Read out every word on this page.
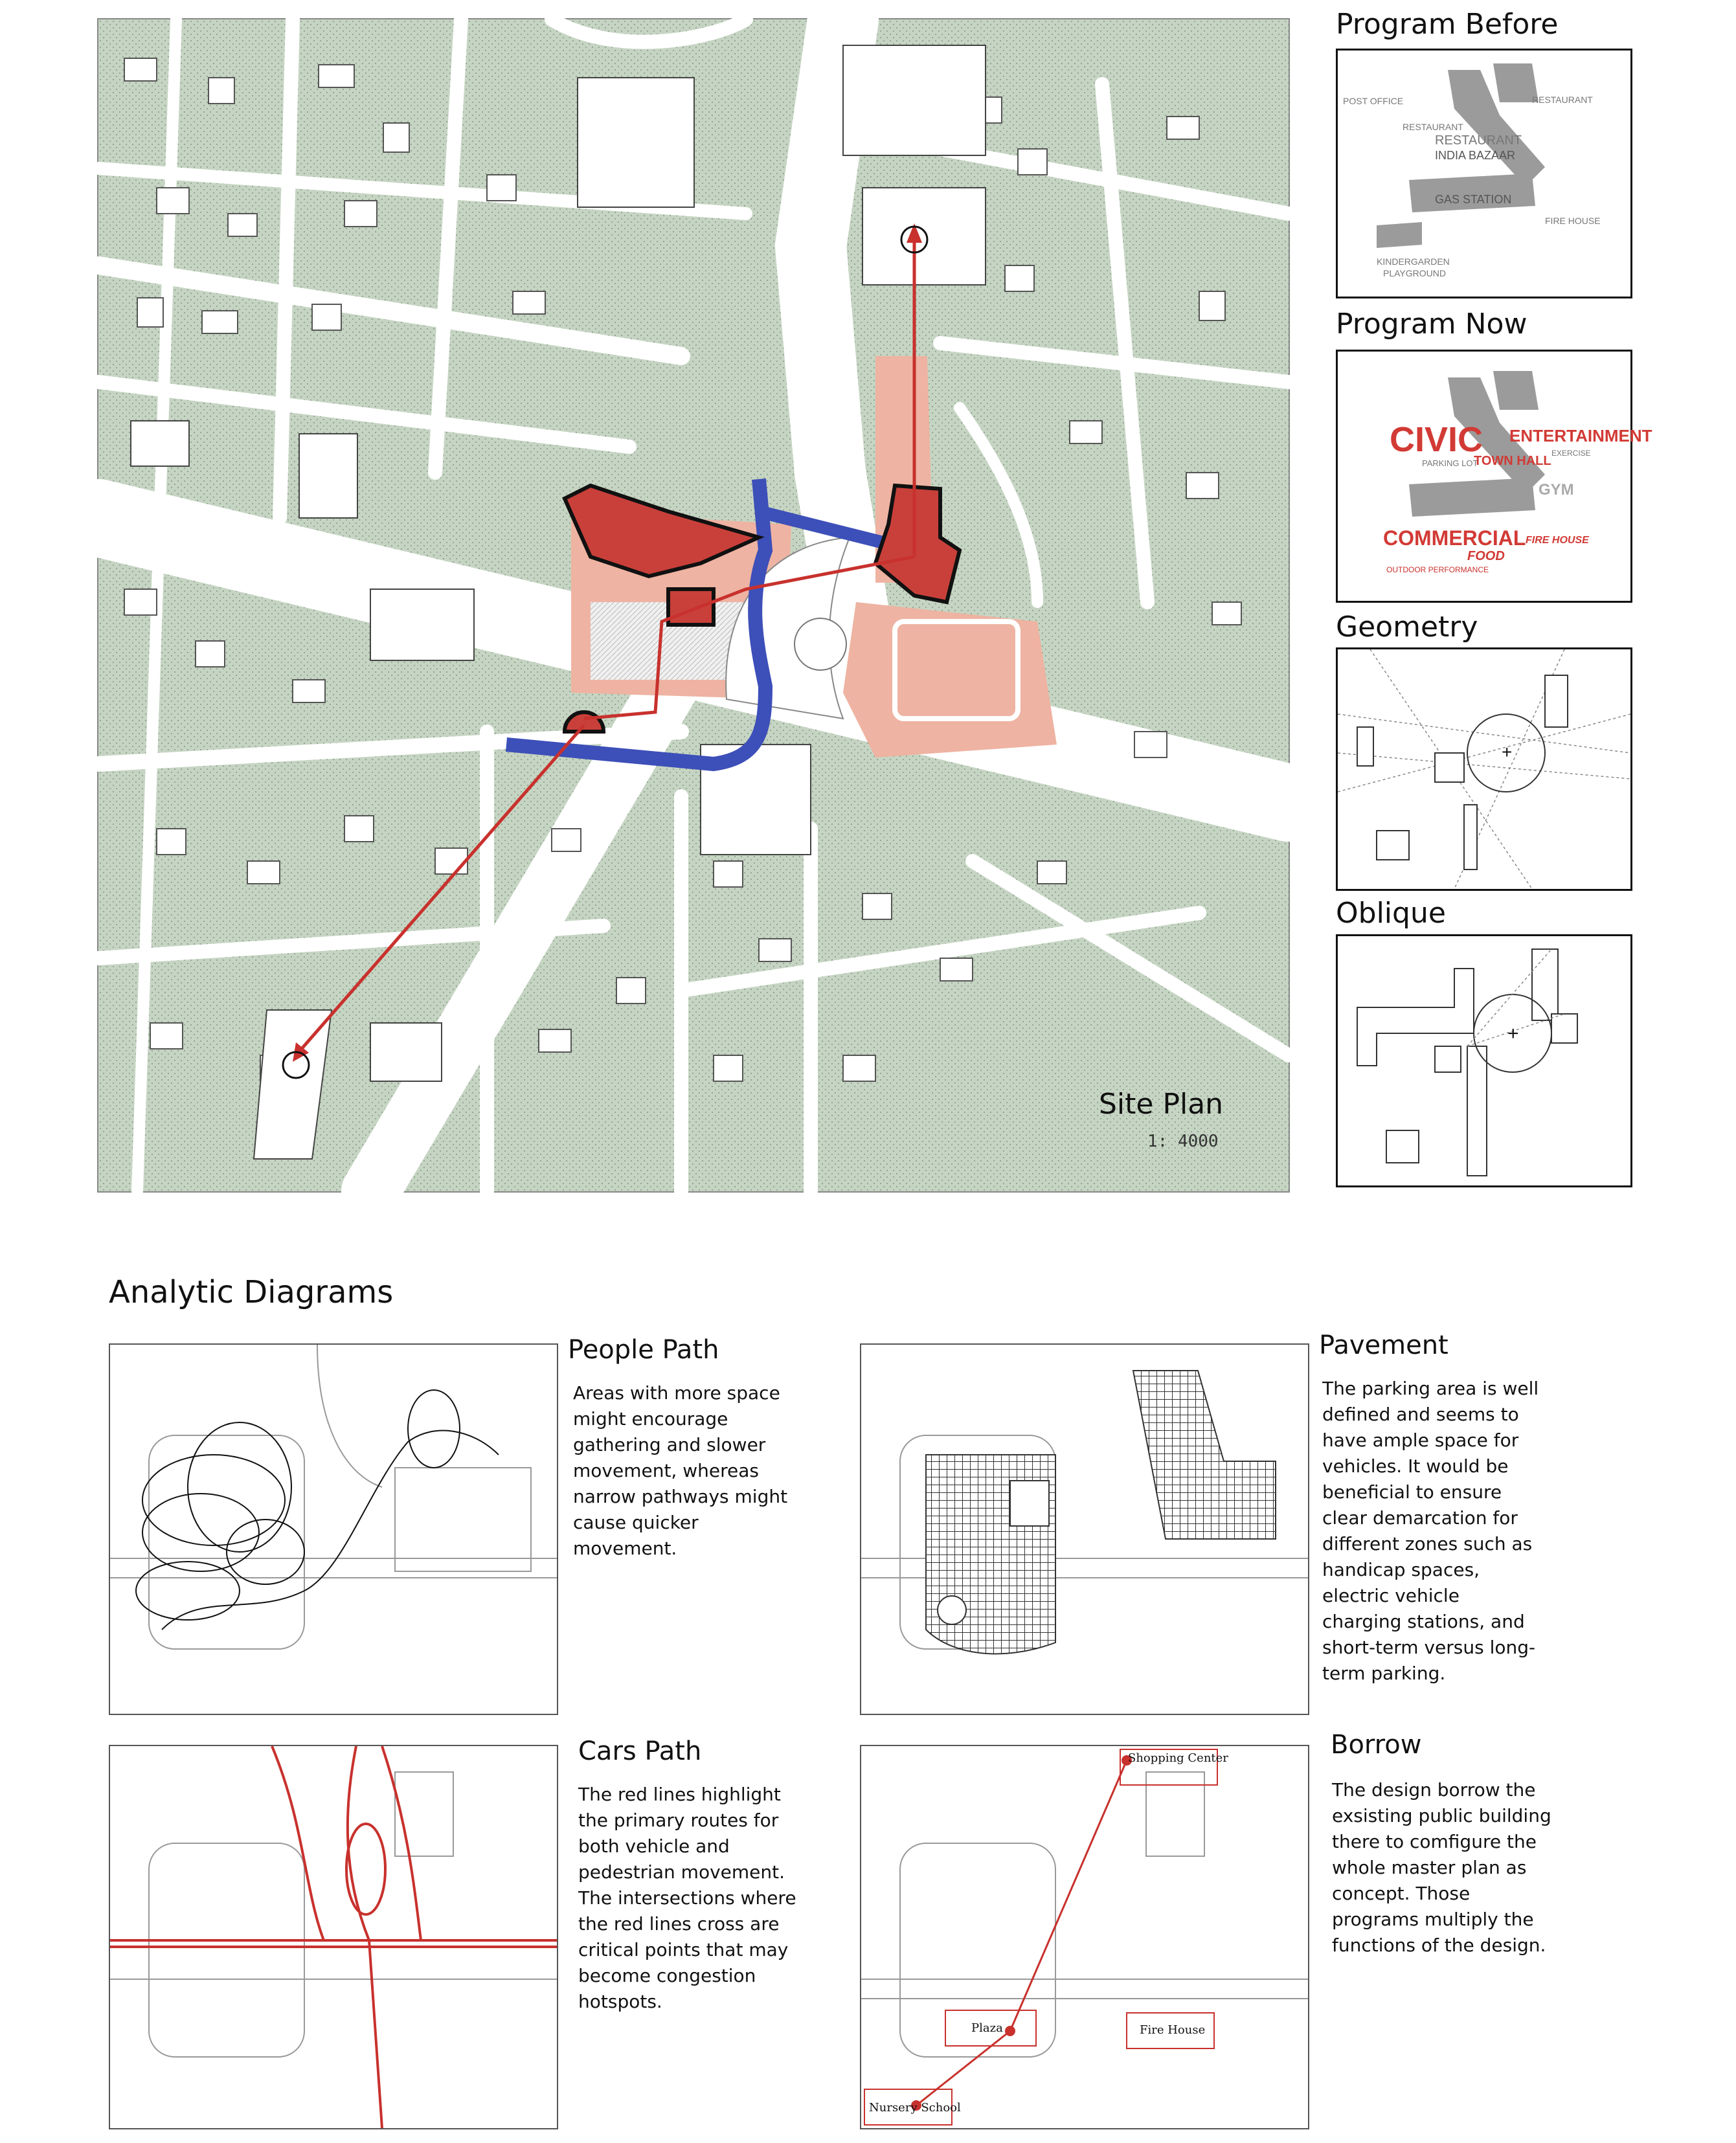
Site Plan
1: 4000
Program Before
POST OFFICE	RESTAURANT
RESTAURANT
RESTAURANT
INDIA BAZAAR
GAS STATION
FIRE HOUSE
KINDERGARDEN
PLAYGROUND
Program Now
CIVIC ENTERTAINMENT
PARKING LOT
TOWN HALL
EXERCISE
GYM
COMMERCIAL
FOOD
FIRE HOUSE
OUTDOOR PERFORMANCE
Geometry
+
Oblique
+
Analytic Diagrams
People Path
Areas with more space might encourage gathering and slower movement, whereas narrow pathways might cause quicker movement.
Pavement
The parking area is well defined and seems to have ample space for vehicles. It would be beneficial to ensure clear demarcation for different zones such as handicap spaces, electric vehicle charging stations, and short-term versus long-term parking.
Cars Path
The red lines highlight the primary routes for both vehicle and pedestrian movement. The intersections where the red lines cross are critical points that may become congestion hotspots.
Shopping Center
Plaza	Fire House
Nursery School
Borrow
The design borrow the exsisting public building there to comfigure the whole master plan as concept. Those programs multiply the functions of the design.
